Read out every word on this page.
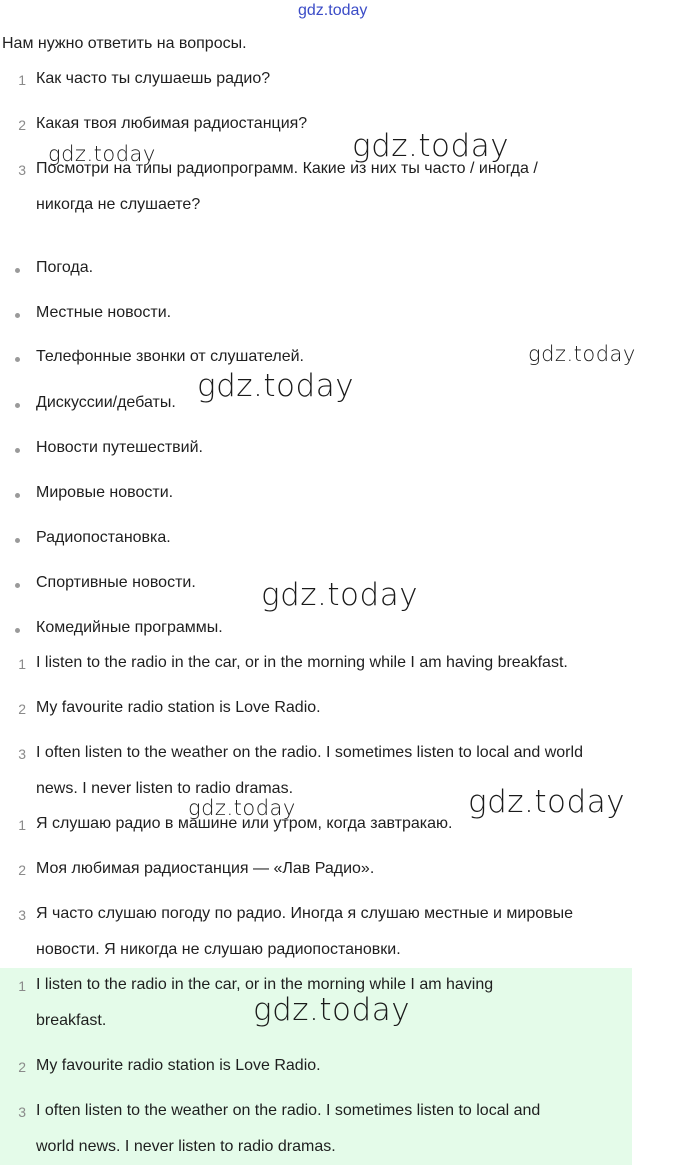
gdz.today
Нам нужно ответить на вопросы.
1 Как часто ты слушаешь радио?
2 Какая твоя любимая радиостанция?
3 Посмотри на типы радиопрограмм. Какие из них ты часто / иногда /
никогда не слушаете?
Погода.
Местные новости.
Телефонные звонки от слушателей.
Дискуссии/дебаты.
Новости путешествий.
Мировые новости.
Радиопостановка.
Спортивные новости.
Комедийные программы.
1 I listen to the radio in the car, or in the morning while I am having breakfast.
2 My favourite radio station is Love Radio.
3 I often listen to the weather on the radio. I sometimes listen to local and world
news. I never listen to radio dramas.
1 Я слушаю радио в машине или утром, когда завтракаю.
2 Моя любимая радиостанция — «Лав Радио».
3 Я часто слушаю погоду по радио. Иногда я слушаю местные и мировые
новости. Я никогда не слушаю радиопостановки.
1 I listen to the radio in the car, or in the morning while I am having
breakfast.
2 My favourite radio station is Love Radio.
3 I often listen to the weather on the radio. I sometimes listen to local and
world news. I never listen to radio dramas.
gdz.today	gdz.today
gdz.today
gdz.today
gdz.today
gdz.today	gdz.today
gdz.today
